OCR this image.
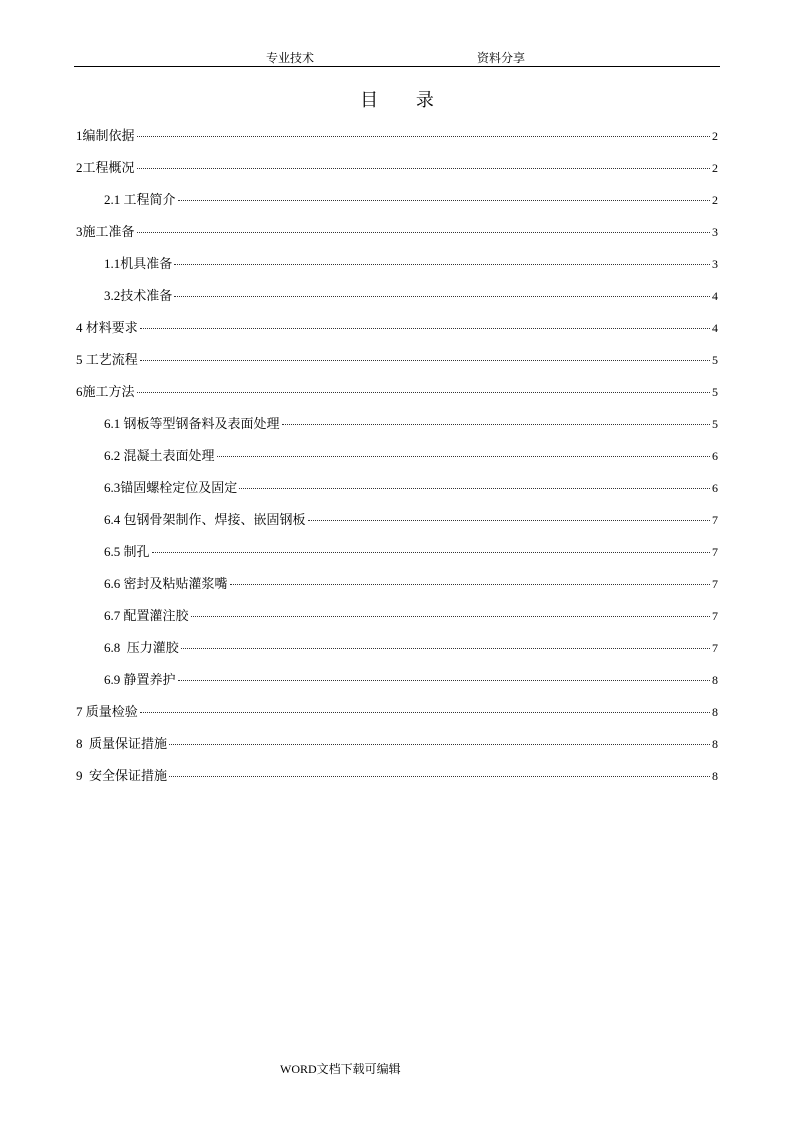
专业技术	资料分享
目 录
1编制依据	2
2工程概况	2
2.1 工程简介	2
3施工准备	3
1.1机具准备	3
3.2技术准备	4
4 材料要求	4
5 工艺流程	5
6施工方法	5
6.1 钢板等型钢备料及表面处理	5
6.2 混凝土表面处理	6
6.3锚固螺栓定位及固定	6
6.4 包钢骨架制作、焊接、嵌固钢板	7
6.5 制孔	7
6.6 密封及粘贴灌浆嘴	7
6.7 配置灌注胶	7
6.8  压力灌胶	7
6.9 静置养护	8
7 质量检验	8
8  质量保证措施	8
9  安全保证措施	8
WORD文档下载可编辑
